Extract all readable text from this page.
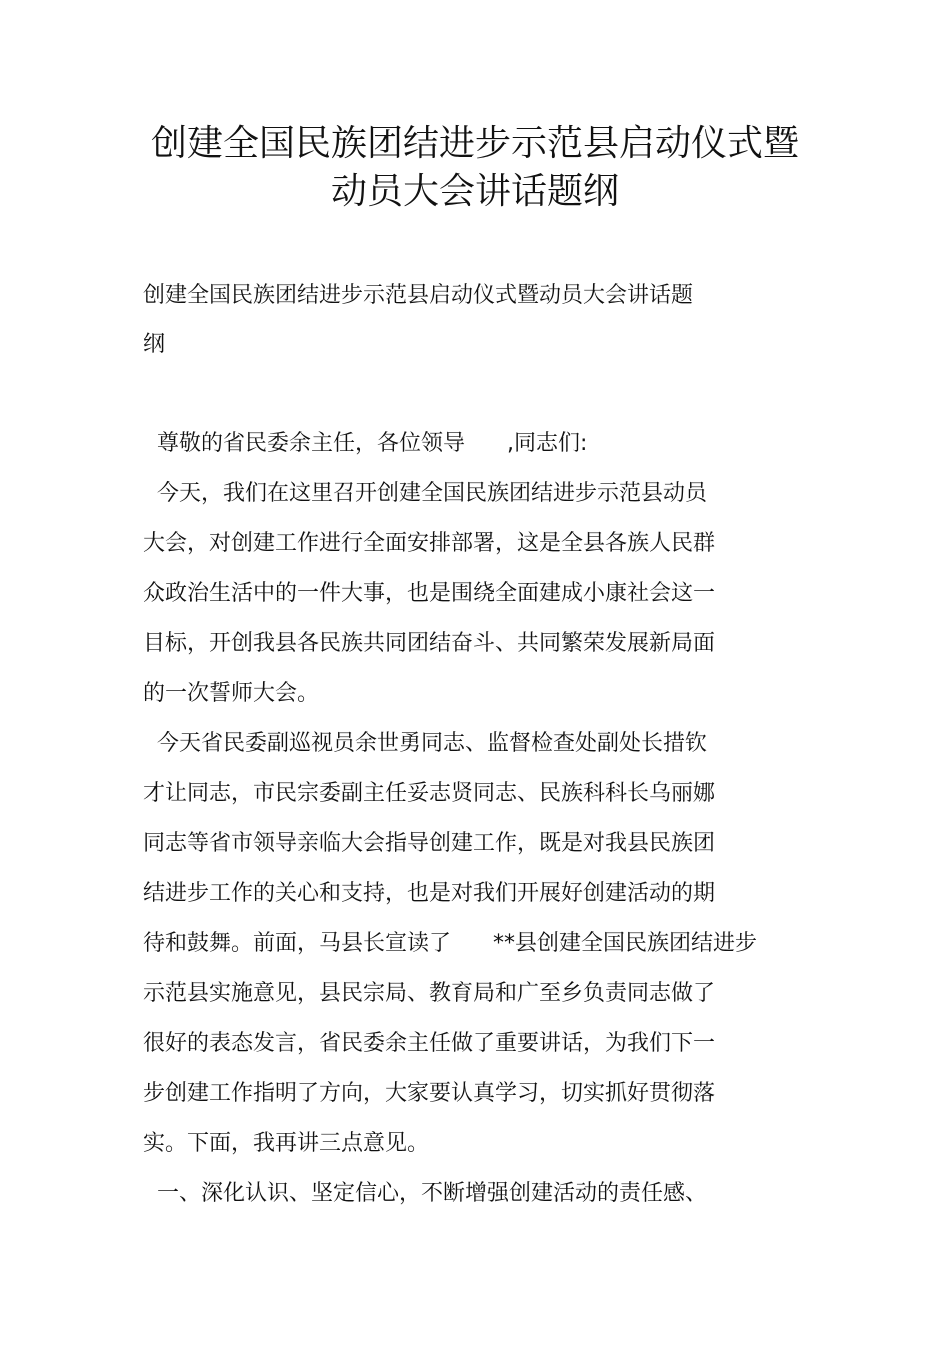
创建全国民族团结进步示范县启动仪式暨
动员大会讲话题纲
创建全国民族团结进步示范县启动仪式暨动员大会讲话题
纲
尊敬的省民委余主任，各位领导      ,同志们:
今天，我们在这里召开创建全国民族团结进步示范县动员
大会，对创建工作进行全面安排部署，这是全县各族人民群
众政治生活中的一件大事，也是围绕全面建成小康社会这一
目标，开创我县各民族共同团结奋斗、共同繁荣发展新局面
的一次誓师大会。
今天省民委副巡视员余世勇同志、监督检查处副处长措钦
才让同志，市民宗委副主任妥志贤同志、民族科科长乌丽娜
同志等省市领导亲临大会指导创建工作，既是对我县民族团
结进步工作的关心和支持，也是对我们开展好创建活动的期
待和鼓舞。前面，马县长宣读了      **县创建全国民族团结进步
示范县实施意见，县民宗局、教育局和广至乡负责同志做了
很好的表态发言，省民委余主任做了重要讲话，为我们下一
步创建工作指明了方向，大家要认真学习，切实抓好贯彻落
实。下面，我再讲三点意见。
一、深化认识、坚定信心，不断增强创建活动的责任感、
